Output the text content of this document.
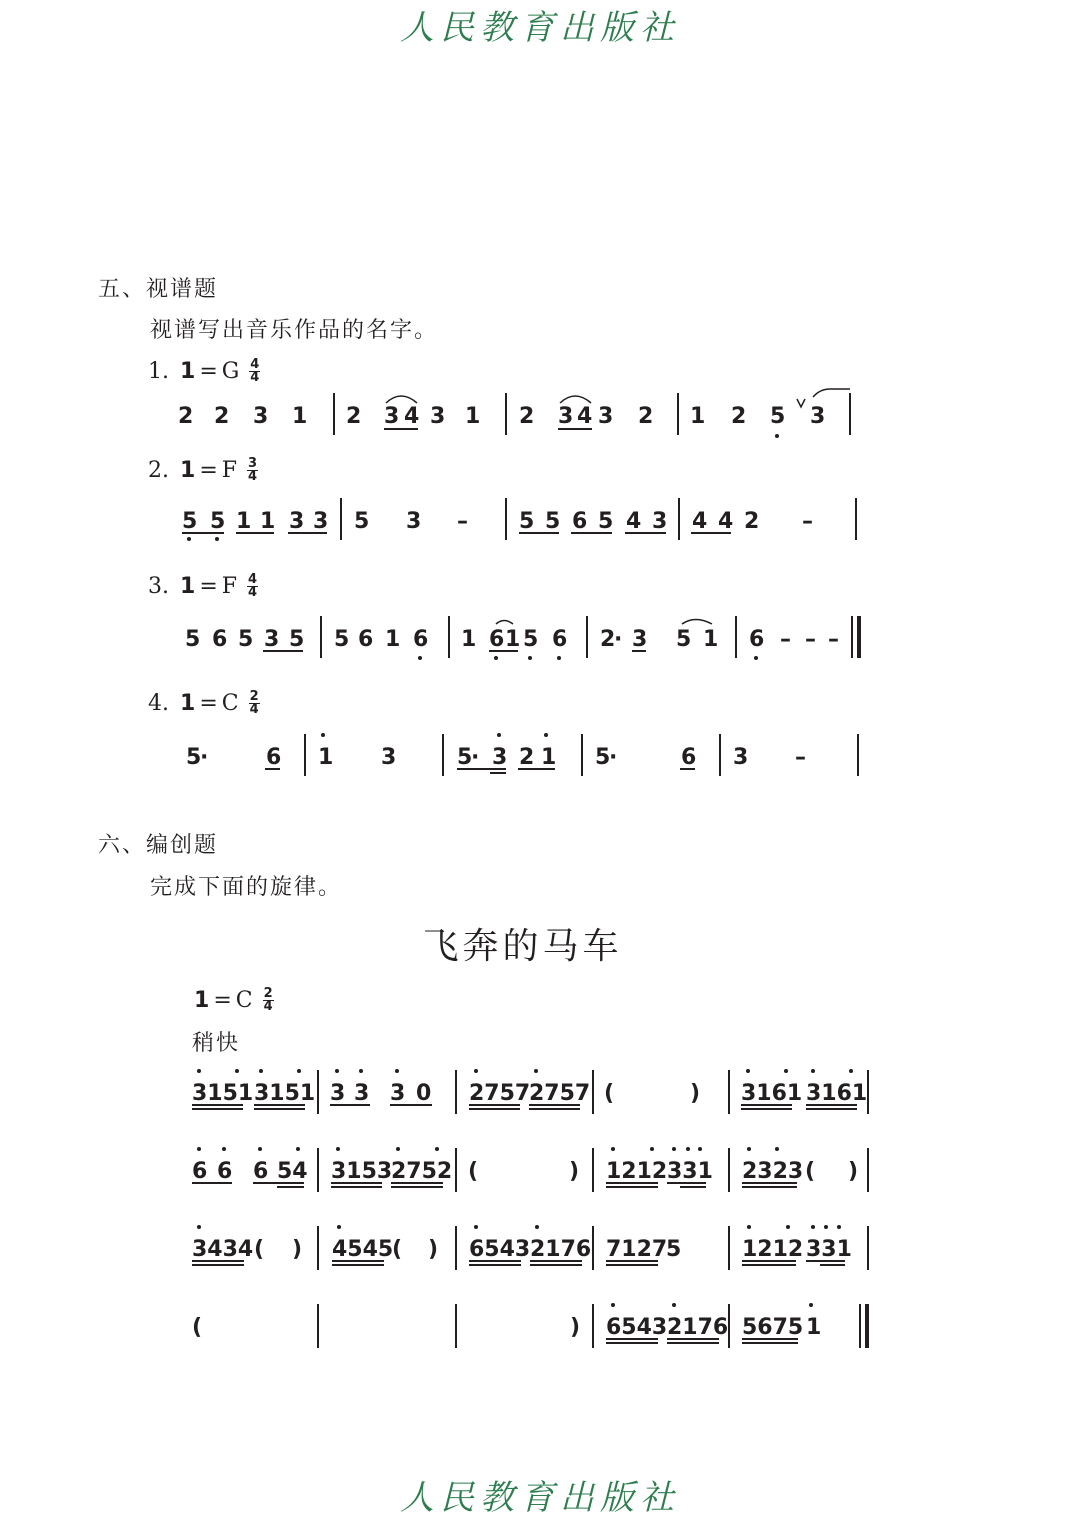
人民教育出版社
五、视谱题
视谱写出音乐作品的名字。
1. 1 = G $\frac{4}{4}$
2 2 3 1 2 3 4 3 1 2 3 4 3 2 1 2 5 3
2. 1 = F $\frac{3}{4}$
5 5 1 1 3 3 5 3 – 5 5 6 5 4 3 4 4 2 –
3. 1 = F $\frac{4}{4}$
5 6 5 3 5 5 6 1 6 1 6 1 5 6 2
· 3 5 1 6 – – –
4. 1 = C $\frac{2}{4}$
5
·	6 1 3	5
· 3 2 1 5
·	6 3 –
六、编创题
完成下面的旋律。
飞奔的马车
1 = C $\frac{2}{4}$
稍快
3151 3151 3 3 3 0 2757
2757 (	) 3161 3161
6 6 6 54 3153
2752 (	) 1212 331 2323 ( )
3434 ( ) 4545
( ) 6543 2176 7127
5	1212 331
(	) 6543 2176 5675 1
人民教育出版社
